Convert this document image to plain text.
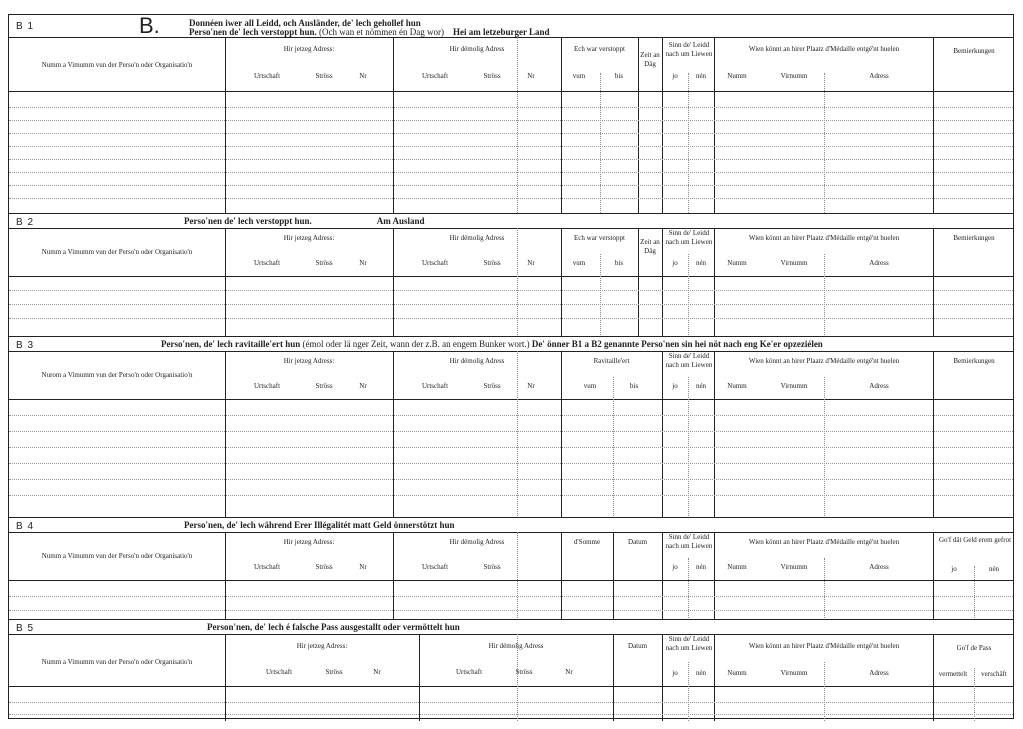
B 1	B.	Donnéen iwer all Leidd, och Ausländer, de' lech gehollef hun
Perso'nen de' lech verstoppt hun. (Och wan et nömmen én Dag wor) Hei am letzeburger Land
Numm a Vimumm vun der Perso'n oder Organisatio'n
Hir jetzeg Adress:
Urtschaft	Ströss	Nr
Hir démolig Adress
Urtschaft	Ströss	Nr
Ech war verstoppt
vum	bis
Zeit an Däg
Sinn de' Leidd nach um Liewen
jo	nén
Wien könnt an hirer Plaatz d'Médaille entgé'nt huelen
Numm	Virnumm	Adress
Bemierkungen
B 2	Perso'nen de' lech verstoppt hun.	Am Ausland
Numm a Vimumm vun der Perso'n oder Organisatio'n
Hir jetzeg Adress:
Urtschaft	Ströss	Nr
Hir démolig Adress
Urtschaft	Ströss	Nr
Ech war verstoppt
vum	bis
Zeit an Däg
Sinn de' Leidd nach um Liewen
jo	nén
Wien könnt an hirer Plaatz d'Médaille entgé'nt huelen
Numm	Virnumm	Adress
Bemierkungen
B 3	Perso'nen, de' lech ravitaille'ert hun (émol oder lä nger Zeit, wann der z.B. an engem Bunker wort.) De' önner B1 a B2 genannte Perso'nen sin hei nöt nach eng Ke'er opzeziélen
Nurom a Vimumm vun der Perso'n oder Organisatio'n
Hir jetzeg Adress:
Urtschaft	Ströss	Nr
Hir démolig Adress
Urtschaft	Ströss	Nr
Ravitaille'ert
vum	bis
Sinn de' Leidd nach um Liewen
jo	nén
Wien könnt an hirer Plaatz d'Médaille entgé'nt huelen
Numm	Virnumm	Adress
Bemierkungen
B 4	Perso'nen, de' lech während Erer Illégalitét matt Geld önnerstötzt hun
Numm a Vimumm vun der Perso'n oder Organisatio'n
Hir jetzeg Adress:
Urtschaft	Ströss	Nr
Hir démolig Adress
Urtschaft	Ströss
d'Somme	Datum
Sinn de' Leidd nach um Liewen
jo	nén
Wien könnt an hirer Plaatz d'Médaille entgé'nt huelen
Numm	Virnumm	Adress
Go'f dät Geld erem gefrot
jo	nén
B 5	Person'nen, de' lech é falsche Pass ausgestallt oder vermöttelt hun
Numm a Vimumm vun der Perso'n oder Organisatio'n
Hir jetzeg Adress:
Urtschaft	Ströss	Nr
Hir démolig Adress
Urtschaft	Ströss	Nr
Datum
Sinn de' Leidd nach um Liewen
jo	nén
Wien könnt an hirer Plaatz d'Médaille entgé'nt huelen
Numm	Virnumm	Adress
Go'f de Pass
vermettelt	verschäft
